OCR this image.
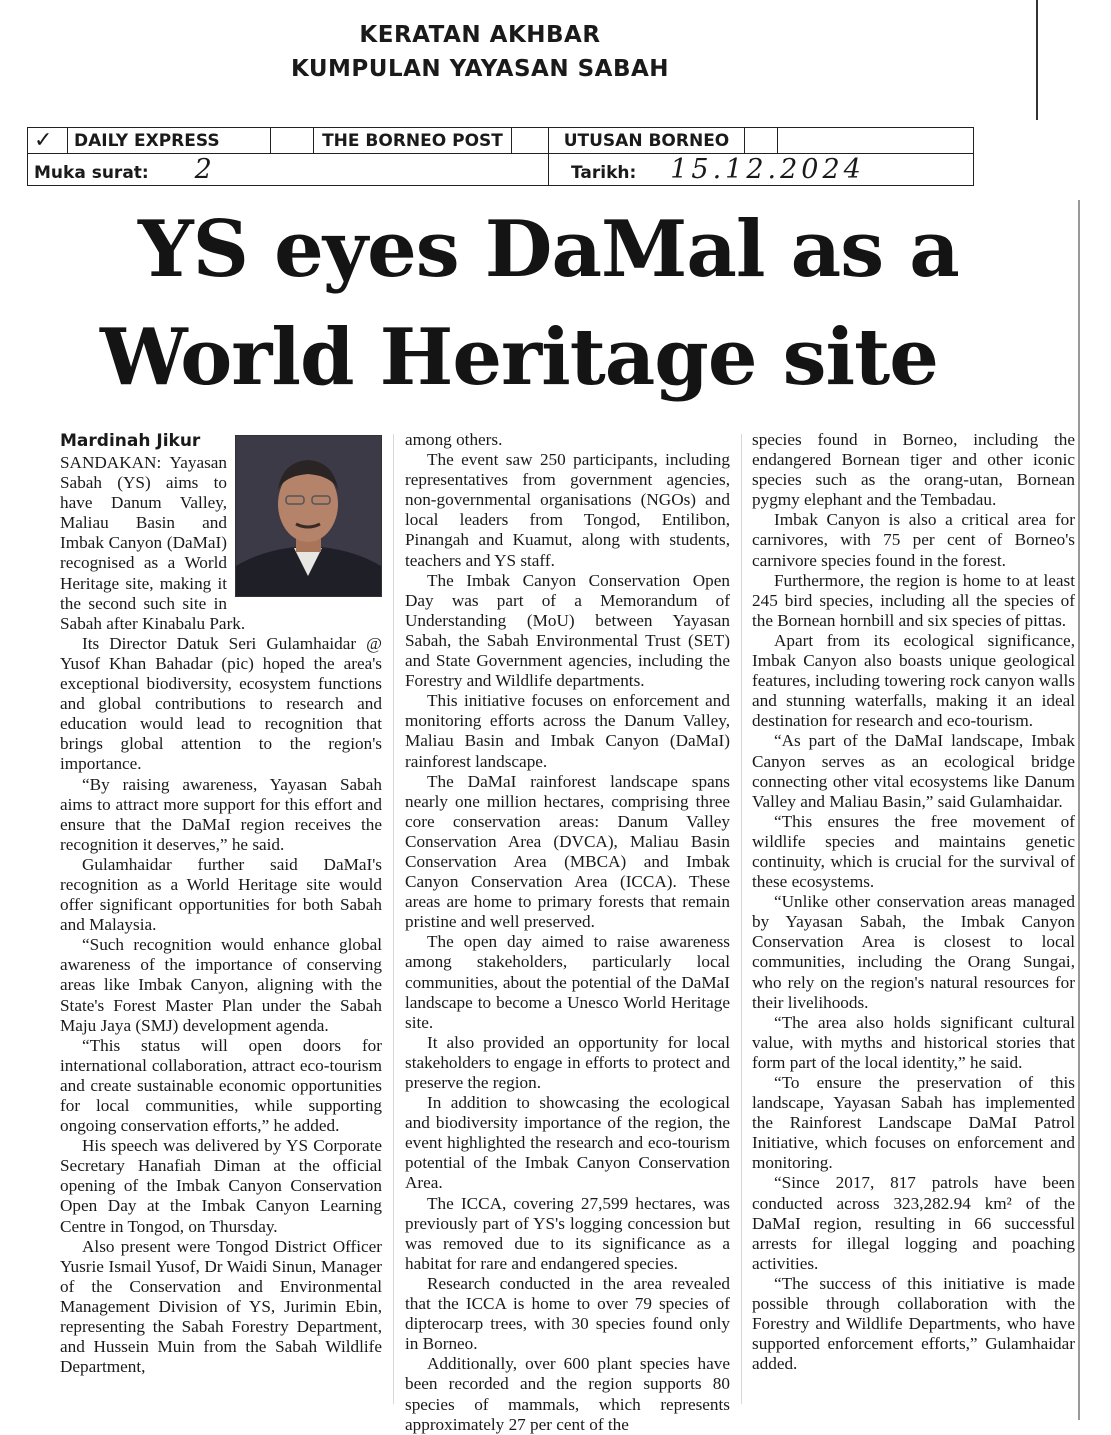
KERATAN AKHBAR
KUMPULAN YAYASAN SABAH
✓	DAILY EXPRESS		THE BORNEO POST		UTUSAN BORNEO		
Muka surat: 2					Tarikh: 15.12.2024		
YS eyes DaMal as a
World Heritage site
Mardinah Jikur

SANDAKAN: Yayasan Sabah (YS) aims to have Danum Valley, Maliau Basin and Imbak Canyon (DaMaI) recognised as a World Heritage site, making it the second such site in Sabah after Kinabalu Park.

Its Director Datuk Seri Gulamhaidar @ Yusof Khan Bahadar (pic) hoped the area's exceptional biodiversity, ecosystem functions and global contributions to research and education would lead to recognition that brings global attention to the region's importance.

“By raising awareness, Yayasan Sabah aims to attract more support for this effort and ensure that the DaMaI region receives the recognition it deserves,” he said.

Gulamhaidar further said DaMaI's recognition as a World Heritage site would offer significant opportunities for both Sabah and Malaysia.

“Such recognition would enhance global awareness of the importance of conserving areas like Imbak Canyon, aligning with the State's Forest Master Plan under the Sabah Maju Jaya (SMJ) development agenda.

“This status will open doors for international collaboration, attract eco-tourism and create sustainable economic opportunities for local communities, while supporting ongoing conservation efforts,” he added.

His speech was delivered by YS Corporate Secretary Hanafiah Diman at the official opening of the Imbak Canyon Conservation Open Day at the Imbak Canyon Learning Centre in Tongod, on Thursday.

Also present were Tongod District Officer Yusrie Ismail Yusof, Dr Waidi Sinun, Manager of the Conservation and Environmental Management Division of YS, Jurimin Ebin, representing the Sabah Forestry Department, and Hussein Muin from the Sabah Wildlife Department,

among others.

The event saw 250 participants, including representatives from government agencies, non-governmental organisations (NGOs) and local leaders from Tongod, Entilibon, Pinangah and Kuamut, along with students, teachers and YS staff.

The Imbak Canyon Conservation Open Day was part of a Memorandum of Understanding (MoU) between Yayasan Sabah, the Sabah Environmental Trust (SET) and State Government agencies, including the Forestry and Wildlife departments.

This initiative focuses on enforcement and monitoring efforts across the Danum Valley, Maliau Basin and Imbak Canyon (DaMaI) rainforest landscape.

The DaMaI rainforest landscape spans nearly one million hectares, comprising three core conservation areas: Danum Valley Conservation Area (DVCA), Maliau Basin Conservation Area (MBCA) and Imbak Canyon Conservation Area (ICCA). These areas are home to primary forests that remain pristine and well preserved.

The open day aimed to raise awareness among stakeholders, particularly local communities, about the potential of the DaMaI landscape to become a Unesco World Heritage site.

It also provided an opportunity for local stakeholders to engage in efforts to protect and preserve the region.

In addition to showcasing the ecological and biodiversity importance of the region, the event highlighted the research and eco-tourism potential of the Imbak Canyon Conservation Area.

The ICCA, covering 27,599 hectares, was previously part of YS's logging concession but was removed due to its significance as a habitat for rare and endangered species.

Research conducted in the area revealed that the ICCA is home to over 79 species of dipterocarp trees, with 30 species found only in Borneo.

Additionally, over 600 plant species have been recorded and the region supports 80 species of mammals, which represents approximately 27 per cent of the

species found in Borneo, including the endangered Bornean tiger and other iconic species such as the orang-utan, Bornean pygmy elephant and the Tembadau.

Imbak Canyon is also a critical area for carnivores, with 75 per cent of Borneo's carnivore species found in the forest.

Furthermore, the region is home to at least 245 bird species, including all the species of the Bornean hornbill and six species of pittas.

Apart from its ecological significance, Imbak Canyon also boasts unique geological features, including towering rock canyon walls and stunning waterfalls, making it an ideal destination for research and eco-tourism.

“As part of the DaMaI landscape, Imbak Canyon serves as an ecological bridge connecting other vital ecosystems like Danum Valley and Maliau Basin,” said Gulamhaidar.

“This ensures the free movement of wildlife species and maintains genetic continuity, which is crucial for the survival of these ecosystems.

“Unlike other conservation areas managed by Yayasan Sabah, the Imbak Canyon Conservation Area is closest to local communities, including the Orang Sungai, who rely on the region's natural resources for their livelihoods.

“The area also holds significant cultural value, with myths and historical stories that form part of the local identity,” he said.

“To ensure the preservation of this landscape, Yayasan Sabah has implemented the Rainforest Landscape DaMaI Patrol Initiative, which focuses on enforcement and monitoring.

“Since 2017, 817 patrols have been conducted across 323,282.94 km² of the DaMaI region, resulting in 66 successful arrests for illegal logging and poaching activities.

“The success of this initiative is made possible through collaboration with the Forestry and Wildlife Departments, who have supported enforcement efforts,” Gulamhaidar added.
